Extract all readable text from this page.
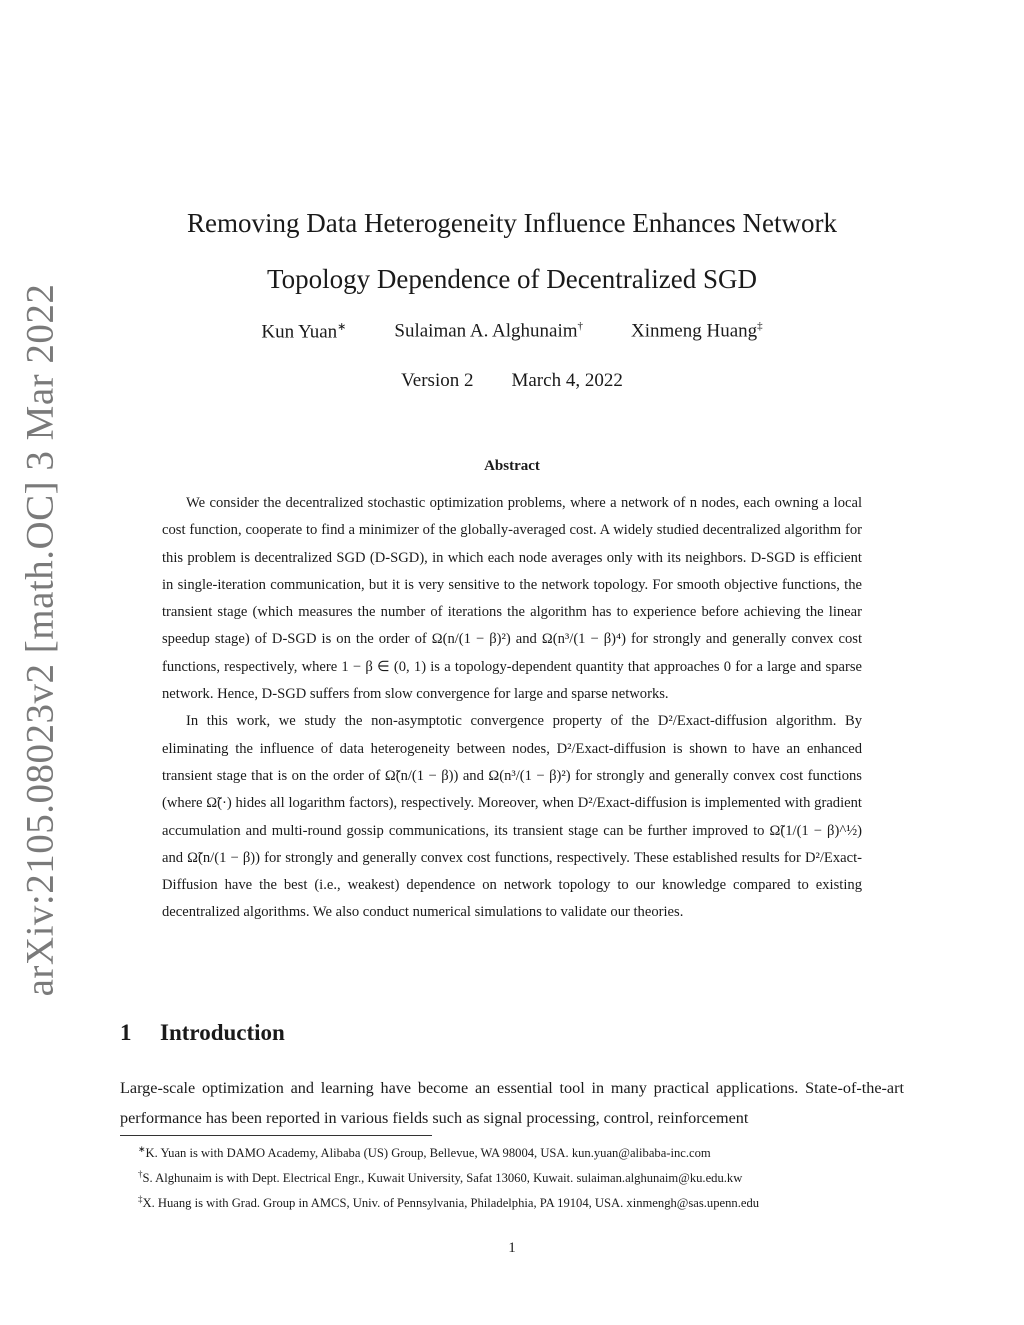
arXiv:2105.08023v2 [math.OC] 3 Mar 2022
Removing Data Heterogeneity Influence Enhances Network
Topology Dependence of Decentralized SGD
Kun Yuan∗	Sulaiman A. Alghunaim†	Xinmeng Huang‡
Version 2 March 4, 2022
Abstract

We consider the decentralized stochastic optimization problems, where a network of n nodes, each owning a local cost function, cooperate to find a minimizer of the globally-averaged cost. A widely studied decentralized algorithm for this problem is decentralized SGD (D-SGD), in which each node averages only with its neighbors. D-SGD is efficient in single-iteration communication, but it is very sensitive to the network topology. For smooth objective functions, the transient stage (which measures the number of iterations the algorithm has to experience before achieving the linear speedup stage) of D-SGD is on the order of Ω(n/(1 − β)²) and Ω(n³/(1 − β)⁴) for strongly and generally convex cost functions, respectively, where 1 − β ∈ (0, 1) is a topology-dependent quantity that approaches 0 for a large and sparse network. Hence, D-SGD suffers from slow convergence for large and sparse networks.

In this work, we study the non-asymptotic convergence property of the D²/Exact-diffusion algorithm. By eliminating the influence of data heterogeneity between nodes, D²/Exact-diffusion is shown to have an enhanced transient stage that is on the order of Ω̃(n/(1 − β)) and Ω(n³/(1 − β)²) for strongly and generally convex cost functions (where Ω̃(·) hides all logarithm factors), respectively. Moreover, when D²/Exact-diffusion is implemented with gradient accumulation and multi-round gossip communications, its transient stage can be further improved to Ω̃(1/(1 − β)^½) and Ω̃(n/(1 − β)) for strongly and generally convex cost functions, respectively. These established results for D²/Exact-Diffusion have the best (i.e., weakest) dependence on network topology to our knowledge compared to existing decentralized algorithms. We also conduct numerical simulations to validate our theories.

1 Introduction

Large-scale optimization and learning have become an essential tool in many practical applications. State-of-the-art performance has been reported in various fields such as signal processing, control, reinforcement

∗K. Yuan is with DAMO Academy, Alibaba (US) Group, Bellevue, WA 98004, USA. kun.yuan@alibaba-inc.com
†S. Alghunaim is with Dept. Electrical Engr., Kuwait University, Safat 13060, Kuwait. sulaiman.alghunaim@ku.edu.kw
‡X. Huang is with Grad. Group in AMCS, Univ. of Pennsylvania, Philadelphia, PA 19104, USA. xinmengh@sas.upenn.edu
1
